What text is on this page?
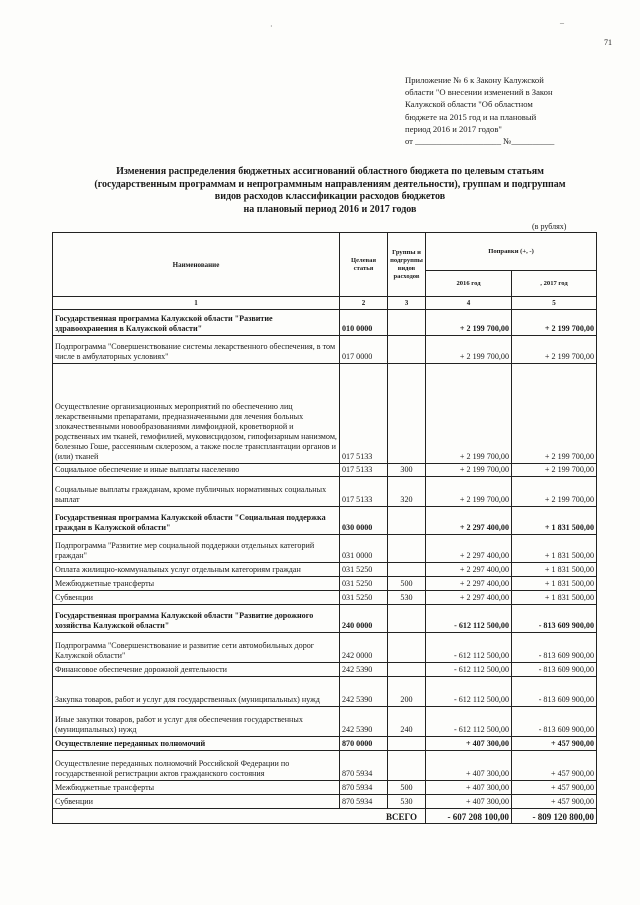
71
Приложение № 6 к Закону Калужской
области "О внесении изменений в Закон
Калужской области "Об областном
бюджете на 2015 год и на плановый
период 2016 и 2017 годов"
от ____________________ №__________
Изменения распределения бюджетных ассигнований областного бюджета по целевым статьям
(государственным программам и непрограммным направлениям деятельности), группам и подгруппам
видов расходов классификации расходов бюджетов
на плановый период 2016 и 2017 годов
(в рублях)
Наименование	Целевая статья	Группы и подгруппы видов расходов	Поправки (+, -)	
			2016 год	, 2017 год
1	2	3	4	5
Государственная программа Калужской области "Развитие здравоохранения в Калужской области"	010 0000		+ 2 199 700,00	+ 2 199 700,00
Подпрограмма "Совершенствование системы лекарственного обеспечения, в том числе в амбулаторных условиях"	017 0000		+ 2 199 700,00	+ 2 199 700,00
Осуществление организационных мероприятий по обеспечению лиц лекарственными препаратами, предназначенными для лечения больных злокачественными новообразованиями лимфоидной, кроветворной и родственных им тканей, гемофилией, муковисцидозом, гипофизарным нанизмом, болезнью Гоше, рассеянным склерозом, а также после трансплантации органов и (или) тканей	017 5133		+ 2 199 700,00	+ 2 199 700,00
Социальное обеспечение и иные выплаты населению	017 5133	300	+ 2 199 700,00	+ 2 199 700,00
Социальные выплаты гражданам, кроме публичных нормативных социальных выплат	017 5133	320	+ 2 199 700,00	+ 2 199 700,00
Государственная программа Калужской области "Социальная поддержка граждан в Калужской области"	030 0000		+ 2 297 400,00	+ 1 831 500,00
Подпрограмма "Развитие мер социальной поддержки отдельных категорий граждан"	031 0000		+ 2 297 400,00	+ 1 831 500,00
Оплата жилищно-коммунальных услуг отдельным категориям граждан	031 5250		+ 2 297 400,00	+ 1 831 500,00
Межбюджетные трансферты	031 5250	500	+ 2 297 400,00	+ 1 831 500,00
Субвенции	031 5250	530	+ 2 297 400,00	+ 1 831 500,00
Государственная программа Калужской области "Развитие дорожного хозяйства Калужской области"	240 0000		- 612 112 500,00	- 813 609 900,00
Подпрограмма "Совершенствование и развитие сети автомобильных дорог Калужской области"	242 0000		- 612 112 500,00	- 813 609 900,00
Финансовое обеспечение дорожной деятельности	242 5390		- 612 112 500,00	- 813 609 900,00
Закупка товаров, работ и услуг для государственных (муниципальных) нужд	242 5390	200	- 612 112 500,00	- 813 609 900,00
Иные закупки товаров, работ и услуг для обеспечения государственных (муниципальных) нужд	242 5390	240	- 612 112 500,00	- 813 609 900,00
Осуществление переданных полномочий	870 0000		+ 407 300,00	+ 457 900,00
Осуществление переданных полномочий Российской Федерации по государственной регистрации актов гражданского состояния	870 5934		+ 407 300,00	+ 457 900,00
Межбюджетные трансферты	870 5934	500	+ 407 300,00	+ 457 900,00
Субвенции	870 5934	530	+ 407 300,00	+ 457 900,00
ВСЕГО			- 607 208 100,00	- 809 120 800,00
·	–
